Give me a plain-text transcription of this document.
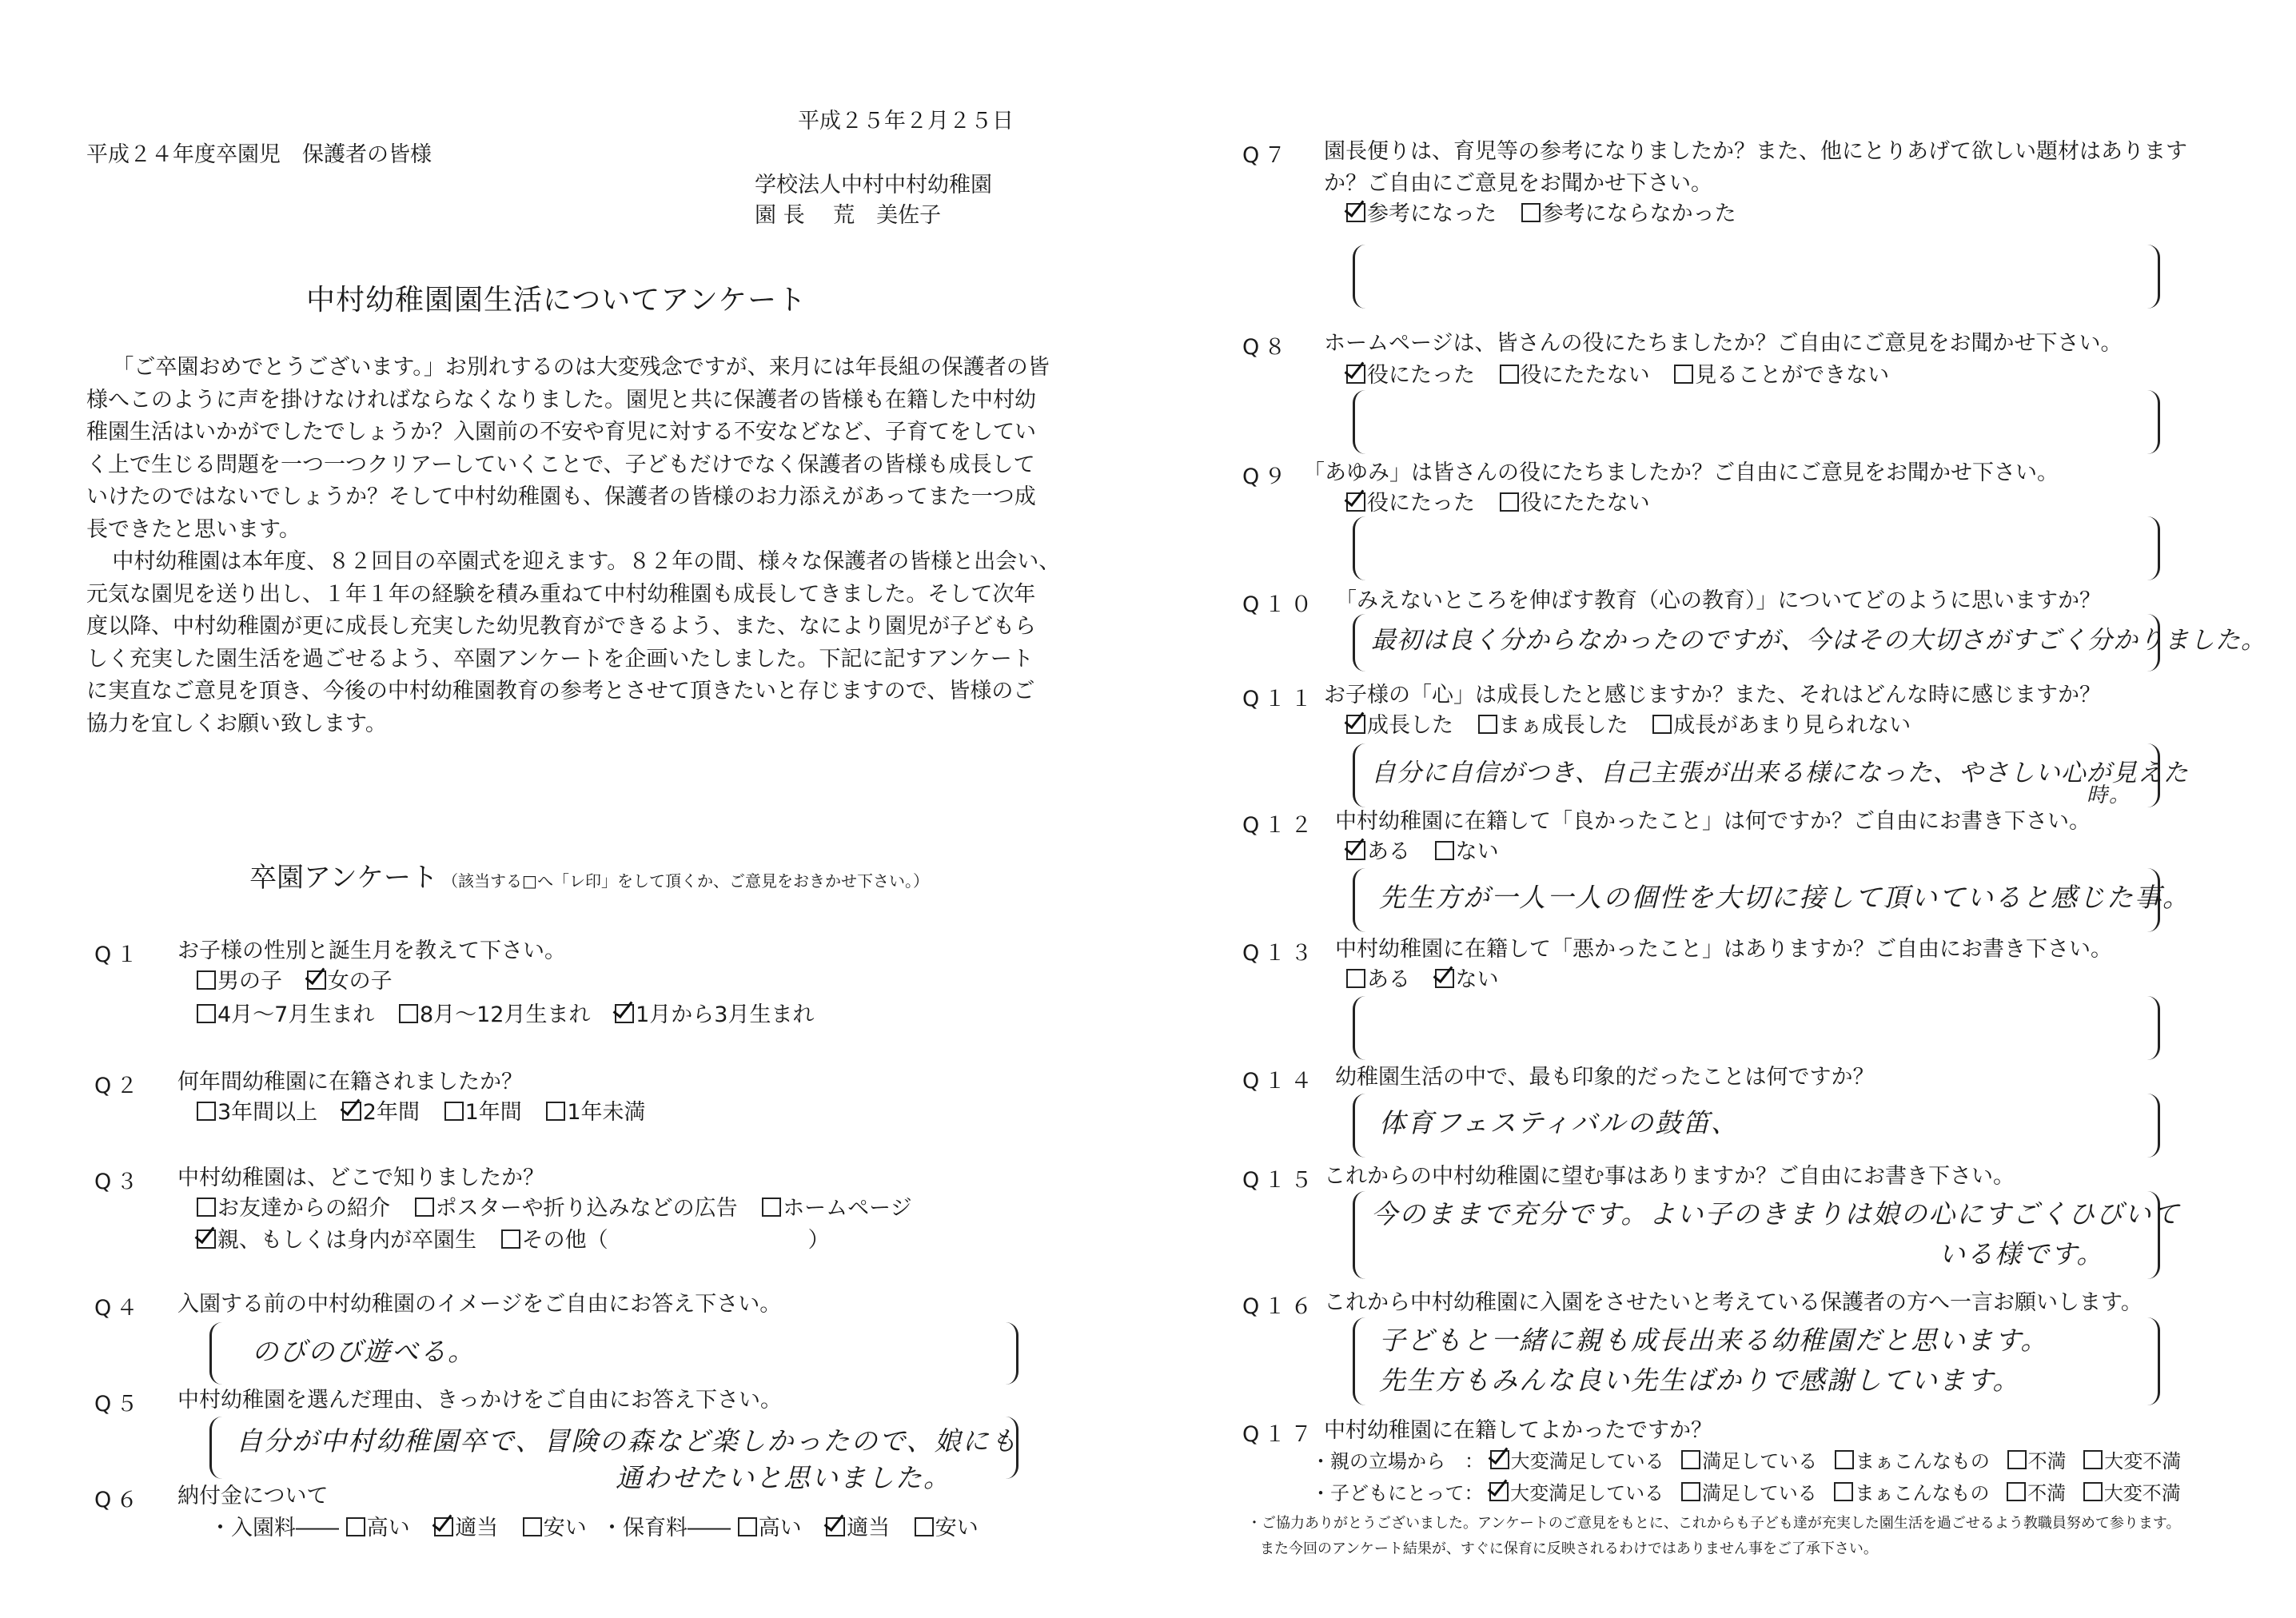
平成２５年２月２５日
平成２４年度卒園児　保護者の皆様
学校法人中村中村幼稚園
園 長　 荒　美佐子
中村幼稚園園生活についてアンケート

「ご卒園おめでとうございます。」お別れするのは大変残念ですが、来月には年長組の保護者の皆
様へこのように声を掛けなければならなくなりました。園児と共に保護者の皆様も在籍した中村幼
稚園生活はいかがでしたでしょうか？入園前の不安や育児に対する不安などなど、子育てをしてい
く上で生じる問題を一つ一つクリアーしていくことで、子どもだけでなく保護者の皆様も成長して
いけたのではないでしょうか？そして中村幼稚園も、保護者の皆様のお力添えがあってまた一つ成
長できたと思います。

中村幼稚園は本年度、８２回目の卒園式を迎えます。８２年の間、様々な保護者の皆様と出会い、
元気な園児を送り出し、１年１年の経験を積み重ねて中村幼稚園も成長してきました。そして次年
度以降、中村幼稚園が更に成長し充実した幼児教育ができるよう、また、なにより園児が子どもら
しく充実した園生活を過ごせるよう、卒園アンケートを企画いたしました。下記に記すアンケート
に実直なご意見を頂き、今後の中村幼稚園教育の参考とさせて頂きたいと存じますので、皆様のご
協力を宜しくお願い致します。

卒園アンケート （該当する□へ「レ印」をして頂くか、ご意見をおきかせ下さい。）
Q１ お子様の性別と誕生月を教えて下さい。
男の子 女の子
4月～7月生まれ 8月～12月生まれ 1月から3月生まれ
Q２ 何年間幼稚園に在籍されましたか？
3年間以上 2年間 1年間 1年未満
Q３ 中村幼稚園は、どこで知りましたか？
お友達からの紹介 ポスターや折り込みなどの広告 ホームページ
親、もしくは身内が卒園生 その他（	）
Q４ 入園する前の中村幼稚園のイメージをご自由にお答え下さい。
のびのび遊べる。
Q５ 中村幼稚園を選んだ理由、きっかけをご自由にお答え下さい。
自分が中村幼稚園卒で、冒険の森など楽しかったので、娘にも
通わせたいと思いました。
Q６ 納付金について
・入園料―― 高い 適当 安い ・保育料―― 高い 適当 安い
Q７ 園長便りは、育児等の参考になりましたか？また、他にとりあげて欲しい題材はあります
か？ご自由にご意見をお聞かせ下さい。
参考になった 参考にならなかった
Q８ ホームページは、皆さんの役にたちましたか？ご自由にご意見をお聞かせ下さい。
役にたった 役にたたない 見ることができない
Q９ 「あゆみ」は皆さんの役にたちましたか？ご自由にご意見をお聞かせ下さい。
役にたった 役にたたない
Q１０ 「みえないところを伸ばす教育（心の教育）」についてどのように思いますか？
最初は良く分からなかったのですが、今はその大切さがすごく分かりました。
Q１１ お子様の「心」は成長したと感じますか？また、それはどんな時に感じますか？
成長した まぁ成長した 成長があまり見られない
自分に自信がつき、自己主張が出来る様になった、やさしい心が見えた
時。
Q１２ 中村幼稚園に在籍して「良かったこと」は何ですか？ご自由にお書き下さい。
ある ない
先生方が一人一人の個性を大切に接して頂いていると感じた事。
Q１３ 中村幼稚園に在籍して「悪かったこと」はありますか？ご自由にお書き下さい。
ある ない
Q１４ 幼稚園生活の中で、最も印象的だったことは何ですか？
体育フェスティバルの鼓笛、
Q１５ これからの中村幼稚園に望む事はありますか？ご自由にお書き下さい。
今のままで充分です。よい子のきまりは娘の心にすごくひびいて
いる様です。
Q１６ これから中村幼稚園に入園をさせたいと考えている保護者の方へ一言お願いします。
子どもと一緒に親も成長出来る幼稚園だと思います。
先生方もみんな良い先生ばかりで感謝しています。
Q１７ 中村幼稚園に在籍してよかったですか？
・親の立場から　： 大変満足している 満足している まぁこんなもの 不満 大変不満
・子どもにとって： 大変満足している 満足している まぁこんなもの 不満 大変不満
・ご協力ありがとうございました。アンケートのご意見をもとに、これからも子ども達が充実した園生活を過ごせるよう教職員努めて参ります。
また今回のアンケート結果が、すぐに保育に反映されるわけではありません事をご了承下さい。
